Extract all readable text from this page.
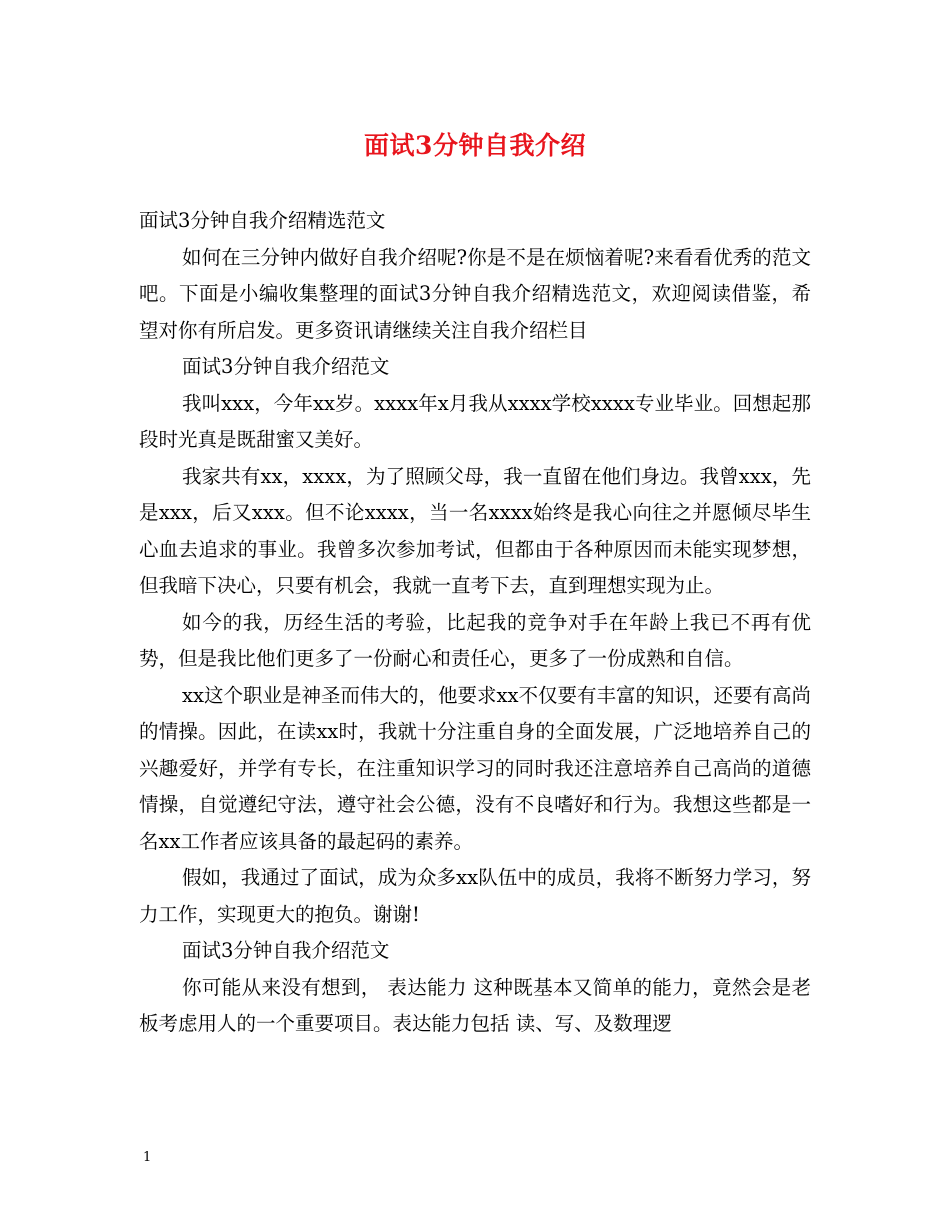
面试3分钟自我介绍

面试3分钟自我介绍精选范文

如何在三分钟内做好自我介绍呢?你是不是在烦恼着呢?来看看优秀的范文吧。下面是小编收集整理的面试3分钟自我介绍精选范文，欢迎阅读借鉴，希望对你有所启发。更多资讯请继续关注自我介绍栏目

面试3分钟自我介绍范文

我叫xxx，今年xx岁。xxxx年x月我从xxxx学校xxxx专业毕业。回想起那段时光真是既甜蜜又美好。

我家共有xx，xxxx，为了照顾父母，我一直留在他们身边。我曾xxx，先是xxx，后又xxx。但不论xxxx，当一名xxxx始终是我心向往之并愿倾尽毕生心血去追求的事业。我曾多次参加考试，但都由于各种原因而未能实现梦想，但我暗下决心，只要有机会，我就一直考下去，直到理想实现为止。

如今的我，历经生活的考验，比起我的竞争对手在年龄上我已不再有优势，但是我比他们更多了一份耐心和责任心，更多了一份成熟和自信。

xx这个职业是神圣而伟大的，他要求xx不仅要有丰富的知识，还要有高尚的情操。因此，在读xx时，我就十分注重自身的全面发展，广泛地培养自己的兴趣爱好，并学有专长，在注重知识学习的同时我还注意培养自己高尚的道德情操，自觉遵纪守法，遵守社会公德，没有不良嗜好和行为。我想这些都是一名xx工作者应该具备的最起码的素养。

假如，我通过了面试，成为众多xx队伍中的成员，我将不断努力学习，努力工作，实现更大的抱负。谢谢!

面试3分钟自我介绍范文

你可能从来没有想到， 表达能力 这种既基本又简单的能力，竟然会是老板考虑用人的一个重要项目。表达能力包括 读、写、及数理逻

1
